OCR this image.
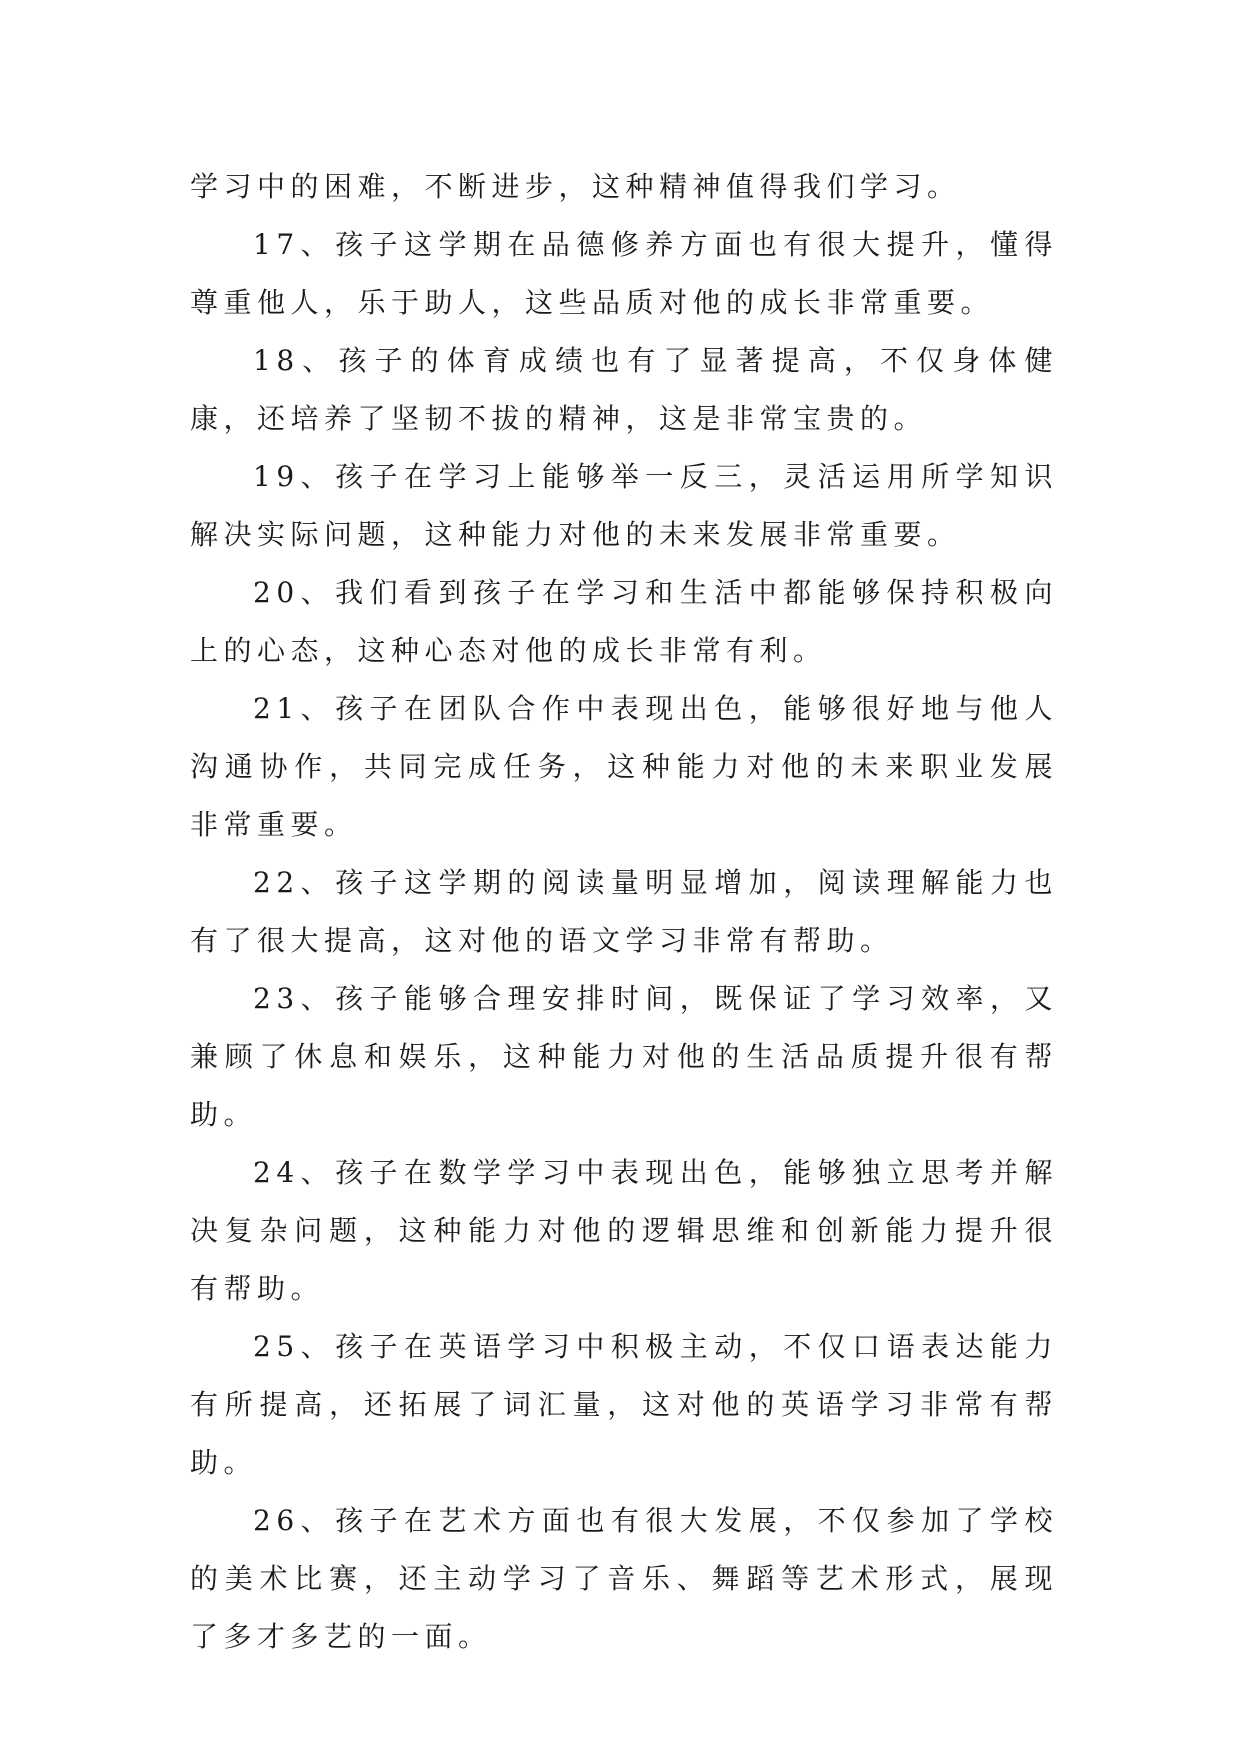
学习中的困难，不断进步，这种精神值得我们学习。

17、孩子这学期在品德修养方面也有很大提升，懂得尊重他人，乐于助人，这些品质对他的成长非常重要。

18、孩子的体育成绩也有了显著提高，不仅身体健康，还培养了坚韧不拔的精神，这是非常宝贵的。

19、孩子在学习上能够举一反三，灵活运用所学知识解决实际问题，这种能力对他的未来发展非常重要。

20、我们看到孩子在学习和生活中都能够保持积极向上的心态，这种心态对他的成长非常有利。

21、孩子在团队合作中表现出色，能够很好地与他人沟通协作，共同完成任务，这种能力对他的未来职业发展非常重要。

22、孩子这学期的阅读量明显增加，阅读理解能力也有了很大提高，这对他的语文学习非常有帮助。

23、孩子能够合理安排时间，既保证了学习效率，又兼顾了休息和娱乐，这种能力对他的生活品质提升很有帮助。

24、孩子在数学学习中表现出色，能够独立思考并解决复杂问题，这种能力对他的逻辑思维和创新能力提升很有帮助。

25、孩子在英语学习中积极主动，不仅口语表达能力有所提高，还拓展了词汇量，这对他的英语学习非常有帮助。

26、孩子在艺术方面也有很大发展，不仅参加了学校的美术比赛，还主动学习了音乐、舞蹈等艺术形式，展现了多才多艺的一面。
